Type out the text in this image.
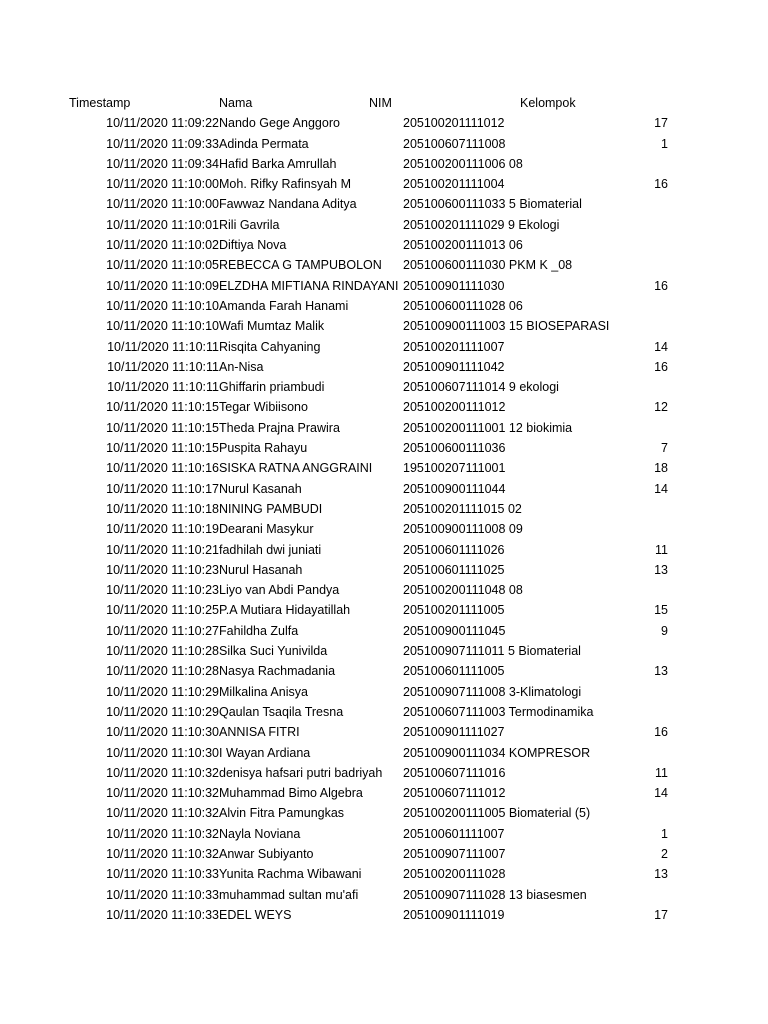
Timestamp	Nama	NIM	Kelompok
10/11/2020 11:09:22 Nando Gege Anggoro	205100201111012	17
10/11/2020 11:09:33 Adinda Permata	205100607111008	1
10/11/2020 11:09:34 Hafid Barka Amrullah	205100200111006 08
10/11/2020 11:10:00 Moh. Rifky Rafinsyah M	205100201111004	16
10/11/2020 11:10:00 Fawwaz Nandana Aditya	205100600111033 5 Biomaterial
10/11/2020 11:10:01 Rili Gavrila	205100201111029 9 Ekologi
10/11/2020 11:10:02 Diftiya Nova	205100200111013 06
10/11/2020 11:10:05 REBECCA G TAMPUBOLON 205100600111030 PKM K _08
10/11/2020 11:10:09 ELZDHA MIFTIANA RINDAYANI 205100901111030	16
10/11/2020 11:10:10 Amanda Farah Hanami	205100600111028 06
10/11/2020 11:10:10 Wafi Mumtaz Malik	205100900111003 15 BIOSEPARASI
10/11/2020 11:10:11 Risqita Cahyaning	205100201111007	14
10/11/2020 11:10:11 An-Nisa	205100901111042	16
10/11/2020 11:10:11 Ghiffarin priambudi	205100607111014 9 ekologi
10/11/2020 11:10:15 Tegar Wibiisono	205100200111012	12
10/11/2020 11:10:15 Theda Prajna Prawira	205100200111001 12 biokimia
10/11/2020 11:10:15 Puspita Rahayu	205100600111036	7
10/11/2020 11:10:16 SISKA RATNA ANGGRAINI 195100207111001	18
10/11/2020 11:10:17 Nurul Kasanah	205100900111044	14
10/11/2020 11:10:18 NINING PAMBUDI	205100201111015 02
10/11/2020 11:10:19 Dearani Masykur	205100900111008 09
10/11/2020 11:10:21 fadhilah dwi juniati	205100601111026	11
10/11/2020 11:10:23 Nurul Hasanah	205100601111025	13
10/11/2020 11:10:23 Liyo van Abdi Pandya	205100200111048 08
10/11/2020 11:10:25 P.A Mutiara Hidayatillah	205100201111005	15
10/11/2020 11:10:27 Fahildha Zulfa	205100900111045	9
10/11/2020 11:10:28 Silka Suci Yunivilda	205100907111011 5 Biomaterial
10/11/2020 11:10:28 Nasya Rachmadania	205100601111005	13
10/11/2020 11:10:29 Milkalina Anisya	205100907111008 3-Klimatologi
10/11/2020 11:10:29 Qaulan Tsaqila Tresna	205100607111003 Termodinamika
10/11/2020 11:10:30 ANNISA FITRI	205100901111027	16
10/11/2020 11:10:30 I Wayan Ardiana	205100900111034 KOMPRESOR
10/11/2020 11:10:32 denisya hafsari putri badriyah 205100607111016	11
10/11/2020 11:10:32 Muhammad Bimo Algebra	205100607111012	14
10/11/2020 11:10:32 Alvin Fitra Pamungkas	205100200111005 Biomaterial (5)
10/11/2020 11:10:32 Nayla Noviana	205100601111007	1
10/11/2020 11:10:32 Anwar Subiyanto	205100907111007	2
10/11/2020 11:10:33 Yunita Rachma Wibawani	205100200111028	13
10/11/2020 11:10:33 muhammad sultan mu'afi	205100907111028 13 biasesmen
10/11/2020 11:10:33 EDEL WEYS	205100901111019	17
